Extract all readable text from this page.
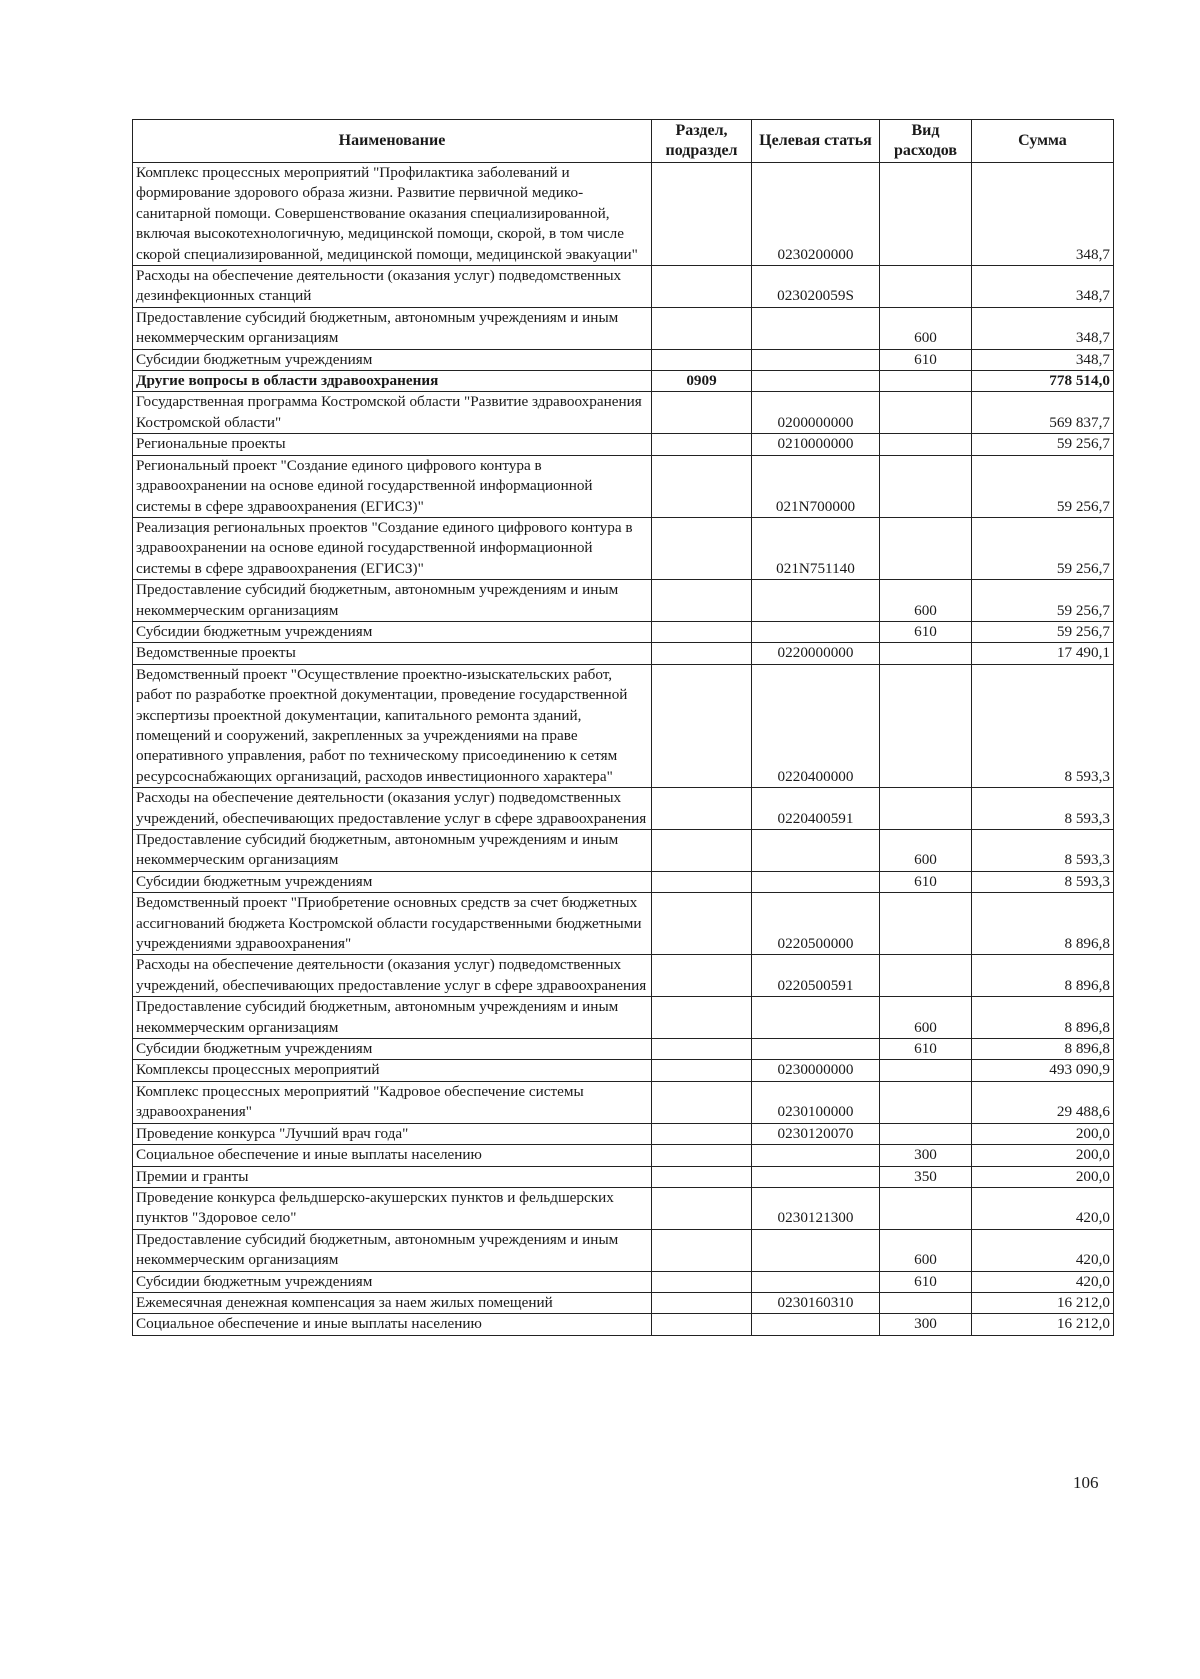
Наименование	Раздел, подраздел	Целевая статья	Вид расходов	Сумма
Комплекс процессных мероприятий "Профилактика заболеваний и формирование здорового образа жизни. Развитие первичной медико-санитарной помощи. Совершенствование оказания специализированной, включая высокотехнологичную, медицинской помощи, скорой, в том числе скорой специализированной, медицинской помощи, медицинской эвакуации"		0230200000		348,7
Расходы на обеспечение деятельности (оказания услуг) подведомственных дезинфекционных станций		023020059S		348,7
Предоставление субсидий бюджетным, автономным учреждениям и иным некоммерческим организациям			600	348,7
Субсидии бюджетным учреждениям			610	348,7
Другие вопросы в области здравоохранения	0909			778 514,0
Государственная программа Костромской области "Развитие здравоохранения Костромской области"		0200000000		569 837,7
Региональные проекты		0210000000		59 256,7
Региональный проект "Создание единого цифрового контура в здравоохранении на основе единой государственной информационной системы в сфере здравоохранения (ЕГИСЗ)"		021N700000		59 256,7
Реализация региональных проектов "Создание единого цифрового контура в здравоохранении на основе единой государственной информационной системы в сфере здравоохранения (ЕГИСЗ)"		021N751140		59 256,7
Предоставление субсидий бюджетным, автономным учреждениям и иным некоммерческим организациям			600	59 256,7
Субсидии бюджетным учреждениям			610	59 256,7
Ведомственные проекты		0220000000		17 490,1
Ведомственный проект "Осуществление проектно-изыскательских работ, работ по разработке проектной документации, проведение государственной экспертизы проектной документации, капитального ремонта зданий, помещений и сооружений, закрепленных за учреждениями на праве оперативного управления, работ по техническому присоединению к сетям ресурсоснабжающих организаций, расходов инвестиционного характера"		0220400000		8 593,3
Расходы на обеспечение деятельности (оказания услуг) подведомственных учреждений, обеспечивающих предоставление услуг в сфере здравоохранения		0220400591		8 593,3
Предоставление субсидий бюджетным, автономным учреждениям и иным некоммерческим организациям			600	8 593,3
Субсидии бюджетным учреждениям			610	8 593,3
Ведомственный проект "Приобретение основных средств за счет бюджетных ассигнований бюджета Костромской области государственными бюджетными учреждениями здравоохранения"		0220500000		8 896,8
Расходы на обеспечение деятельности (оказания услуг) подведомственных учреждений, обеспечивающих предоставление услуг в сфере здравоохранения		0220500591		8 896,8
Предоставление субсидий бюджетным, автономным учреждениям и иным некоммерческим организациям			600	8 896,8
Субсидии бюджетным учреждениям			610	8 896,8
Комплексы процессных мероприятий		0230000000		493 090,9
Комплекс процессных мероприятий "Кадровое обеспечение системы здравоохранения"		0230100000		29 488,6
Проведение конкурса "Лучший врач года"		0230120070		200,0
Социальное обеспечение и иные выплаты населению			300	200,0
Премии и гранты			350	200,0
Проведение конкурса фельдшерско-акушерских пунктов и фельдшерских пунктов "Здоровое село"		0230121300		420,0
Предоставление субсидий бюджетным, автономным учреждениям и иным некоммерческим организациям			600	420,0
Субсидии бюджетным учреждениям			610	420,0
Ежемесячная денежная компенсация за наем жилых помещений		0230160310		16 212,0
Социальное обеспечение и иные выплаты населению			300	16 212,0
106
